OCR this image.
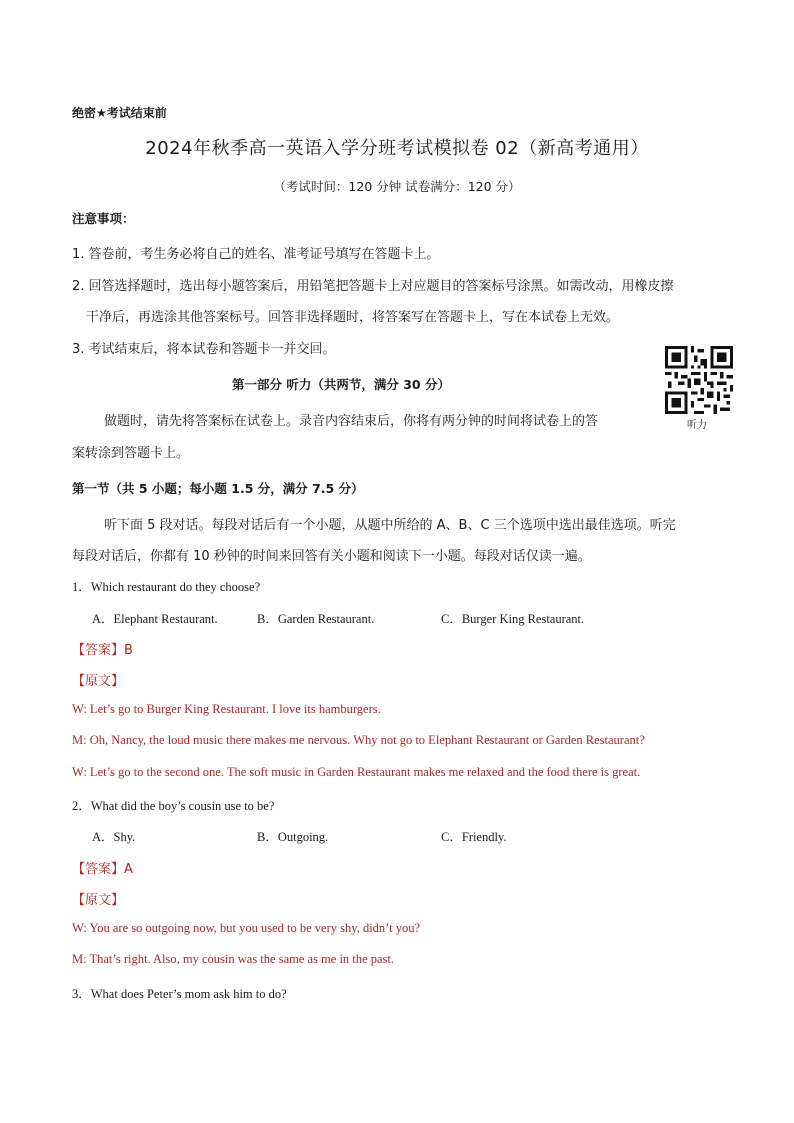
绝密★考试结束前
2024年秋季高一英语入学分班考试模拟卷 02（新高考通用）
（考试时间：120 分钟 试卷满分：120 分）
注意事项：
1. 答卷前，考生务必将自己的姓名、准考证号填写在答题卡上。
2. 回答选择题时，选出每小题答案后，用铅笔把答题卡上对应题目的答案标号涂黑。如需改动，用橡皮擦
干净后，再选涂其他答案标号。回答非选择题时，将答案写在答题卡上，写在本试卷上无效。
3. 考试结束后，将本试卷和答题卡一并交回。
听力
第一部分 听力（共两节，满分 30 分）
做题时，请先将答案标在试卷上。录音内容结束后，你将有两分钟的时间将试卷上的答
案转涂到答题卡上。
第一节（共 5 小题；每小题 1.5 分，满分 7.5 分）
听下面 5 段对话。每段对话后有一个小题，从题中所给的 A、B、C 三个选项中选出最佳选项。听完
每段对话后，你都有 10 秒钟的时间来回答有关小题和阅读下一小题。每段对话仅读一遍。
1．Which restaurant do they choose?
A．Elephant Restaurant.	B．Garden Restaurant.	C．Burger King Restaurant.
【答案】B
【原文】
W: Let’s go to Burger King Restaurant. I love its hamburgers.
M: Oh, Nancy, the loud music there makes me nervous. Why not go to Elephant Restaurant or Garden Restaurant?
W: Let’s go to the second one. The soft music in Garden Restaurant makes me relaxed and the food there is great.
2．What did the boy’s cousin use to be?
A．Shy.	B．Outgoing.	C．Friendly.
【答案】A
【原文】
W: You are so outgoing now, but you used to be very shy, didn’t you?
M: That’s right. Also, my cousin was the same as me in the past.
3．What does Peter’s mom ask him to do?
